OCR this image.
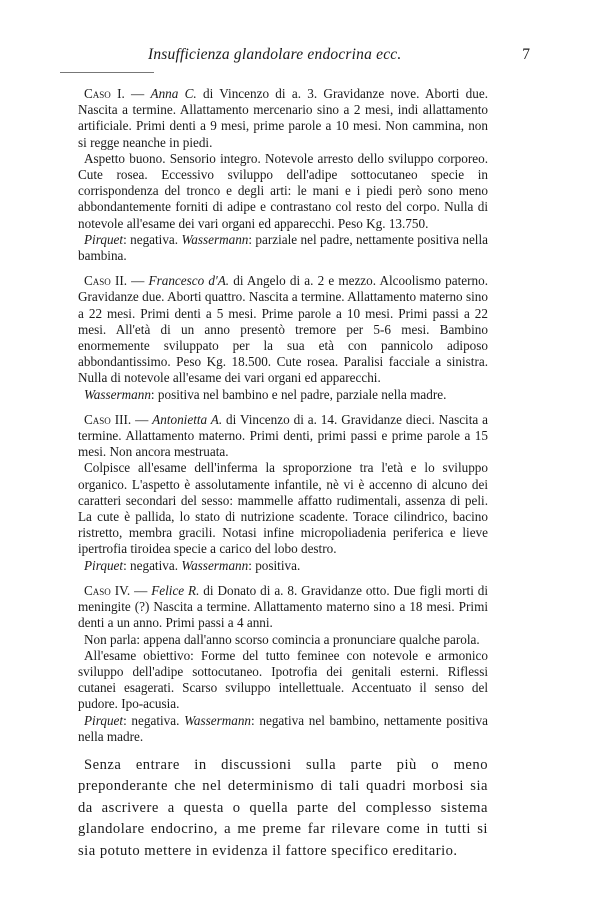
Insufficienza glandolare endocrina ecc.	7

Caso I. — Anna C. di Vincenzo di a. 3. Gravidanze nove. Aborti due. Nascita a termine. Allattamento mercenario sino a 2 mesi, indi allattamento artificiale. Primi denti a 9 mesi, prime parole a 10 mesi. Non cammina, non si regge neanche in piedi.

Aspetto buono. Sensorio integro. Notevole arresto dello sviluppo corporeo. Cute rosea. Eccessivo sviluppo dell'adipe sottocutaneo specie in corrispondenza del tronco e degli arti: le mani e i piedi però sono meno abbondantemente forniti di adipe e contrastano col resto del corpo. Nulla di notevole all'esame dei vari organi ed apparecchi. Peso Kg. 13.750.

Pirquet: negativa. Wassermann: parziale nel padre, nettamente positiva nella bambina.

Caso II. — Francesco d'A. di Angelo di a. 2 e mezzo. Alcoolismo paterno. Gravidanze due. Aborti quattro. Nascita a termine. Allattamento materno sino a 22 mesi. Primi denti a 5 mesi. Prime parole a 10 mesi. Primi passi a 22 mesi. All'età di un anno presentò tremore per 5-6 mesi. Bambino enormemente sviluppato per la sua età con pannicolo adiposo abbondantissimo. Peso Kg. 18.500. Cute rosea. Paralisi facciale a sinistra. Nulla di notevole all'esame dei vari organi ed apparecchi.

Wassermann: positiva nel bambino e nel padre, parziale nella madre.

Caso III. — Antonietta A. di Vincenzo di a. 14. Gravidanze dieci. Nascita a termine. Allattamento materno. Primi denti, primi passi e prime parole a 15 mesi. Non ancora mestruata.

Colpisce all'esame dell'inferma la sproporzione tra l'età e lo sviluppo organico. L'aspetto è assolutamente infantile, nè vi è accenno di alcuno dei caratteri secondari del sesso: mammelle affatto rudimentali, assenza di peli. La cute è pallida, lo stato di nutrizione scadente. Torace cilindrico, bacino ristretto, membra gracili. Notasi infine micropoliadenia periferica e lieve ipertrofia tiroidea specie a carico del lobo destro.

Pirquet: negativa. Wassermann: positiva.

Caso IV. — Felice R. di Donato di a. 8. Gravidanze otto. Due figli morti di meningite (?) Nascita a termine. Allattamento materno sino a 18 mesi. Primi denti a un anno. Primi passi a 4 anni.

Non parla: appena dall'anno scorso comincia a pronunciare qualche parola.

All'esame obiettivo: Forme del tutto feminee con notevole e armonico sviluppo dell'adipe sottocutaneo. Ipotrofia dei genitali esterni. Riflessi cutanei esagerati. Scarso sviluppo intellettuale. Accentuato il senso del pudore. Ipo-acusia.

Pirquet: negativa. Wassermann: negativa nel bambino, nettamente positiva nella madre.

Senza entrare in discussioni sulla parte più o meno preponderante che nel determinismo di tali quadri morbosi sia da ascrivere a questa o quella parte del complesso sistema glandolare endocrino, a me preme far rilevare come in tutti si sia potuto mettere in evidenza il fattore specifico ereditario.
